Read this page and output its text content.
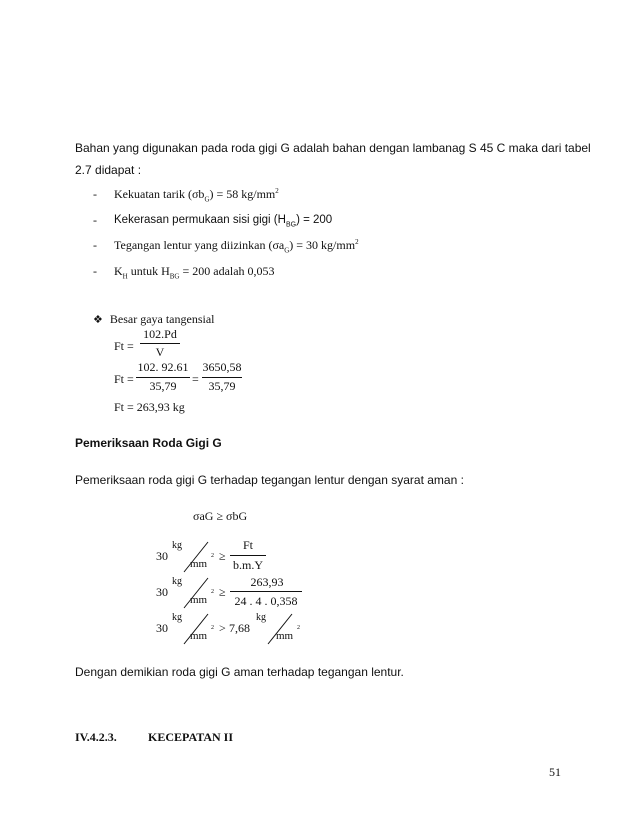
Bahan yang digunakan pada roda gigi G adalah bahan dengan lambanag S 45 C maka dari tabel
2.7 didapat :
- Kekuatan tarik $(\sigma b_G) = 58$ $kg/mm^2$
- Kekerasan permukaan sisi gigi $(H_{BG}) = 200$
- Tegangan lentur yang diizinkan $(\sigma a_G) = 30$ $kg/mm^2$
- $K_H$ untuk $H_{BG} = 200$ adalah 0,053
❖ Besar gaya tangensial
Ft =
102.Pd
V
Ft =
102. 92.61
35,79	=
3650,58
35,79
Ft = 263,93 kg
Pemeriksaan Roda Gigi G
Pemeriksaan roda gigi G terhadap tegangan lentur dengan syarat aman :
σaG ≥ σbG
30
kg
mm
2 ≥
Ft
b.m.Y
30
kg
mm
2 ≥
263,93
24 . 4 . 0,358
30
kg
mm
2 > 7,68
kg
mm
2
Dengan demikian roda gigi G aman terhadap tegangan lentur.
IV.4.2.3.	KECEPATAN II
51
